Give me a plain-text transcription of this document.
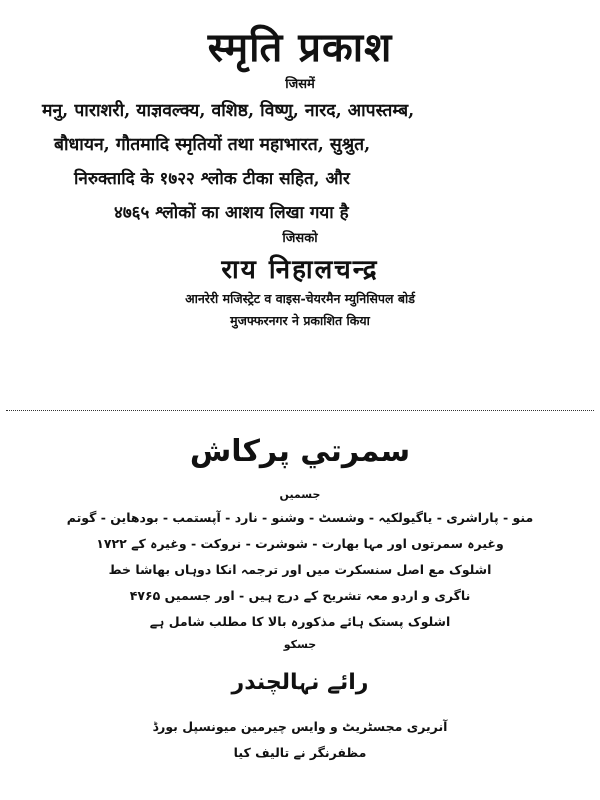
स्मृति प्रकाश
जिसमें
मनु, पाराशरी, याज्ञवल्क्य, वशिष्ठ, विष्णु, नारद, आपस्तम्ब,
बौधायन, गौतमादि स्मृतियों तथा महाभारत, सुश्रुत,
निरुक्तादि के १७२२ श्लोक टीका सहित, और
४७६५ श्लोकों का आशय लिखा गया है
जिसको
राय निहालचन्द्र
आनरेरी मजिस्ट्रेट व वाइस-चेयरमैन म्युनिसिपल बोर्ड
मुजफ्फरनगर ने प्रकाशित किया
سمرتي پرکاش
جسمیں
منو - پاراشری - یاگیولکیہ - وشسٹ - وشنو - نارد - آپستمب - بودھاین - گوتم
وغیرہ سمرتوں اور مہا بھارت - شوشرت - نروکت - وغیرہ کے ۱۷۲۲
اشلوک مع اصل سنسکرت میں اور ترجمہ انکا دوہاں بھاشا خط
ناگری و اردو معہ تشریح کے درج ہیں - اور جسمیں ۴۷۶۵
اشلوک پستک ہائے مذکورہ بالا کا مطلب شامل ہے
جسکو
رائے نہالچندر
آنریری مجسٹریٹ و وایس چیرمین میونسپل بورڈ
مظفرنگر نے تالیف کیا
